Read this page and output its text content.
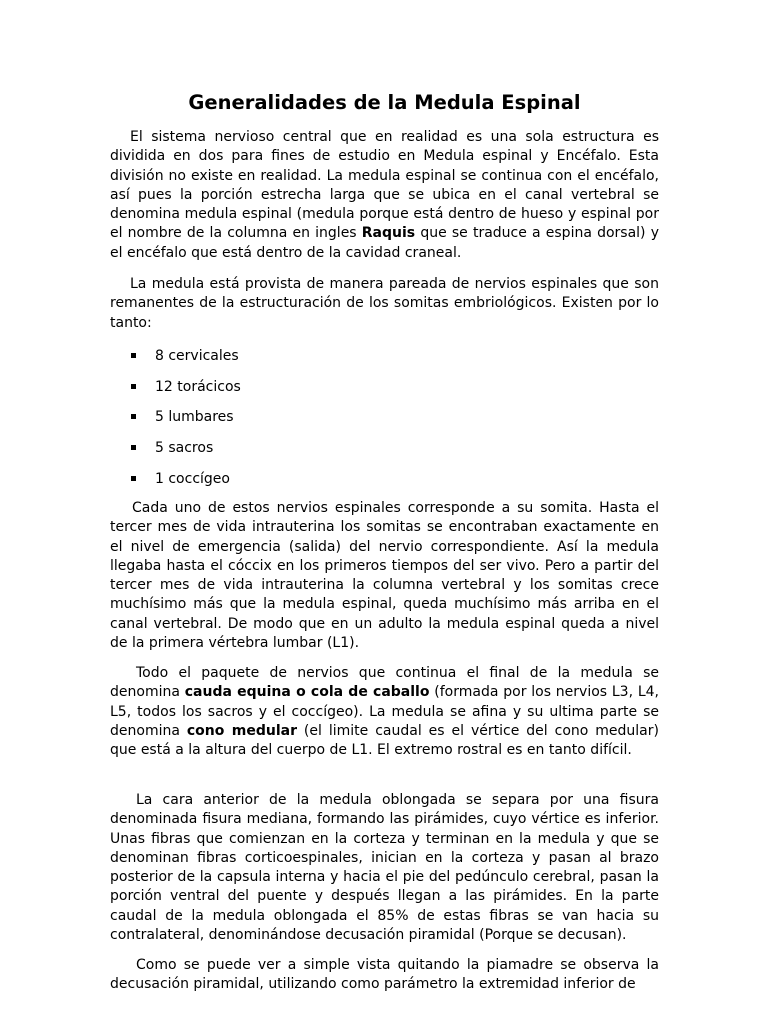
Generalidades de la Medula Espinal

El sistema nervioso central que en realidad es una sola estructura es dividida en dos para fines de estudio en Medula espinal y Encéfalo. Esta división no existe en realidad. La medula espinal se continua con el encéfalo, así pues la porción estrecha larga que se ubica en el canal vertebral se denomina medula espinal (medula porque está dentro de hueso y espinal por el nombre de la columna en ingles Raquis que se traduce a espina dorsal) y el encéfalo que está dentro de la cavidad craneal.

La medula está provista de manera pareada de nervios espinales que son remanentes de la estructuración de los somitas embriológicos. Existen por lo tanto:

8 cervicales
12 torácicos
5 lumbares
5 sacros
1 coccígeo

Cada uno de estos nervios espinales corresponde a su somita. Hasta el tercer mes de vida intrauterina los somitas se encontraban exactamente en el nivel de emergencia (salida) del nervio correspondiente. Así la medula llegaba hasta el cóccix en los primeros tiempos del ser vivo. Pero a partir del tercer mes de vida intrauterina la columna vertebral y los somitas crece muchísimo más que la medula espinal, queda muchísimo más arriba en el canal vertebral. De modo que en un adulto la medula espinal queda a nivel de la primera vértebra lumbar (L1).

Todo el paquete de nervios que continua el final de la medula se denomina cauda equina o cola de caballo (formada por los nervios L3, L4, L5, todos los sacros y el coccígeo). La medula se afina y su ultima parte se denomina cono medular (el limite caudal es el vértice del cono medular) que está a la altura del cuerpo de L1. El extremo rostral es en tanto difícil.

La cara anterior de la medula oblongada se separa por una fisura denominada fisura mediana, formando las pirámides, cuyo vértice es inferior. Unas fibras que comienzan en la corteza y terminan en la medula y que se denominan fibras corticoespinales, inician en la corteza y pasan al brazo posterior de la capsula interna y hacia el pie del pedúnculo cerebral, pasan la porción ventral del puente y después llegan a las pirámides. En la parte caudal de la medula oblongada el 85% de estas fibras se van hacia su contralateral, denominándose decusación piramidal (Porque se decusan).

Como se puede ver a simple vista quitando la piamadre se observa la decusación piramidal, utilizando como parámetro la extremidad inferior de
